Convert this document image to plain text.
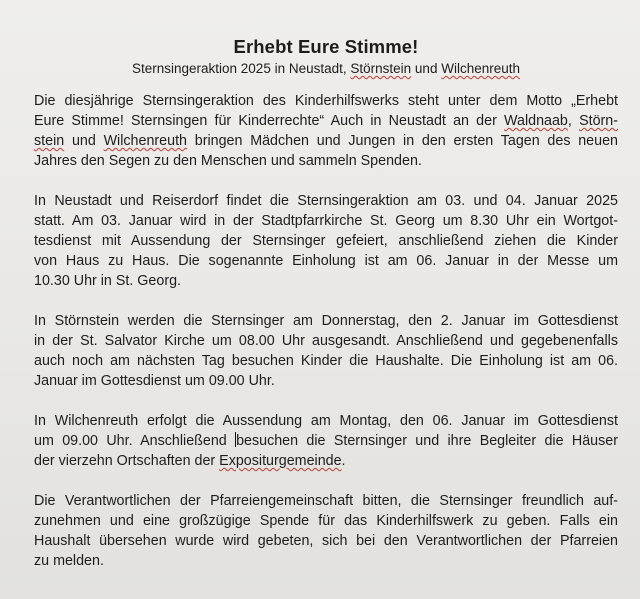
Erhebt Eure Stimme!

Sternsingeraktion 2025 in Neustadt, Störnstein und Wilchenreuth

Die diesjährige Sternsingeraktion des Kinderhilfswerks steht unter dem Motto „Erhebt
Eure Stimme! Sternsingen für Kinderrechte“ Auch in Neustadt an der Waldnaab, Störn-
stein und Wilchenreuth bringen Mädchen und Jungen in den ersten Tagen des neuen
Jahres den Segen zu den Menschen und sammeln Spenden.

In Neustadt und Reiserdorf findet die Sternsingeraktion am 03. und 04. Januar 2025
statt. Am 03. Januar wird in der Stadtpfarrkirche St. Georg um 8.30 Uhr ein Wortgot-
tesdienst mit Aussendung der Sternsinger gefeiert, anschließend ziehen die Kinder
von Haus zu Haus. Die sogenannte Einholung ist am 06. Januar in der Messe um
10.30 Uhr in St. Georg.

In Störnstein werden die Sternsinger am Donnerstag, den 2. Januar im Gottesdienst
in der St. Salvator Kirche um 08.00 Uhr ausgesandt. Anschließend und gegebenenfalls
auch noch am nächsten Tag besuchen Kinder die Haushalte. Die Einholung ist am 06.
Januar im Gottesdienst um 09.00 Uhr.

In Wilchenreuth erfolgt die Aussendung am Montag, den 06. Januar im Gottesdienst
um 09.00 Uhr. Anschließend besuchen die Sternsinger und ihre Begleiter die Häuser
der vierzehn Ortschaften der Expositurgemeinde.

Die Verantwortlichen der Pfarreiengemeinschaft bitten, die Sternsinger freundlich auf-
zunehmen und eine großzügige Spende für das Kinderhilfswerk zu geben. Falls ein
Haushalt übersehen wurde wird gebeten, sich bei den Verantwortlichen der Pfarreien
zu melden.
